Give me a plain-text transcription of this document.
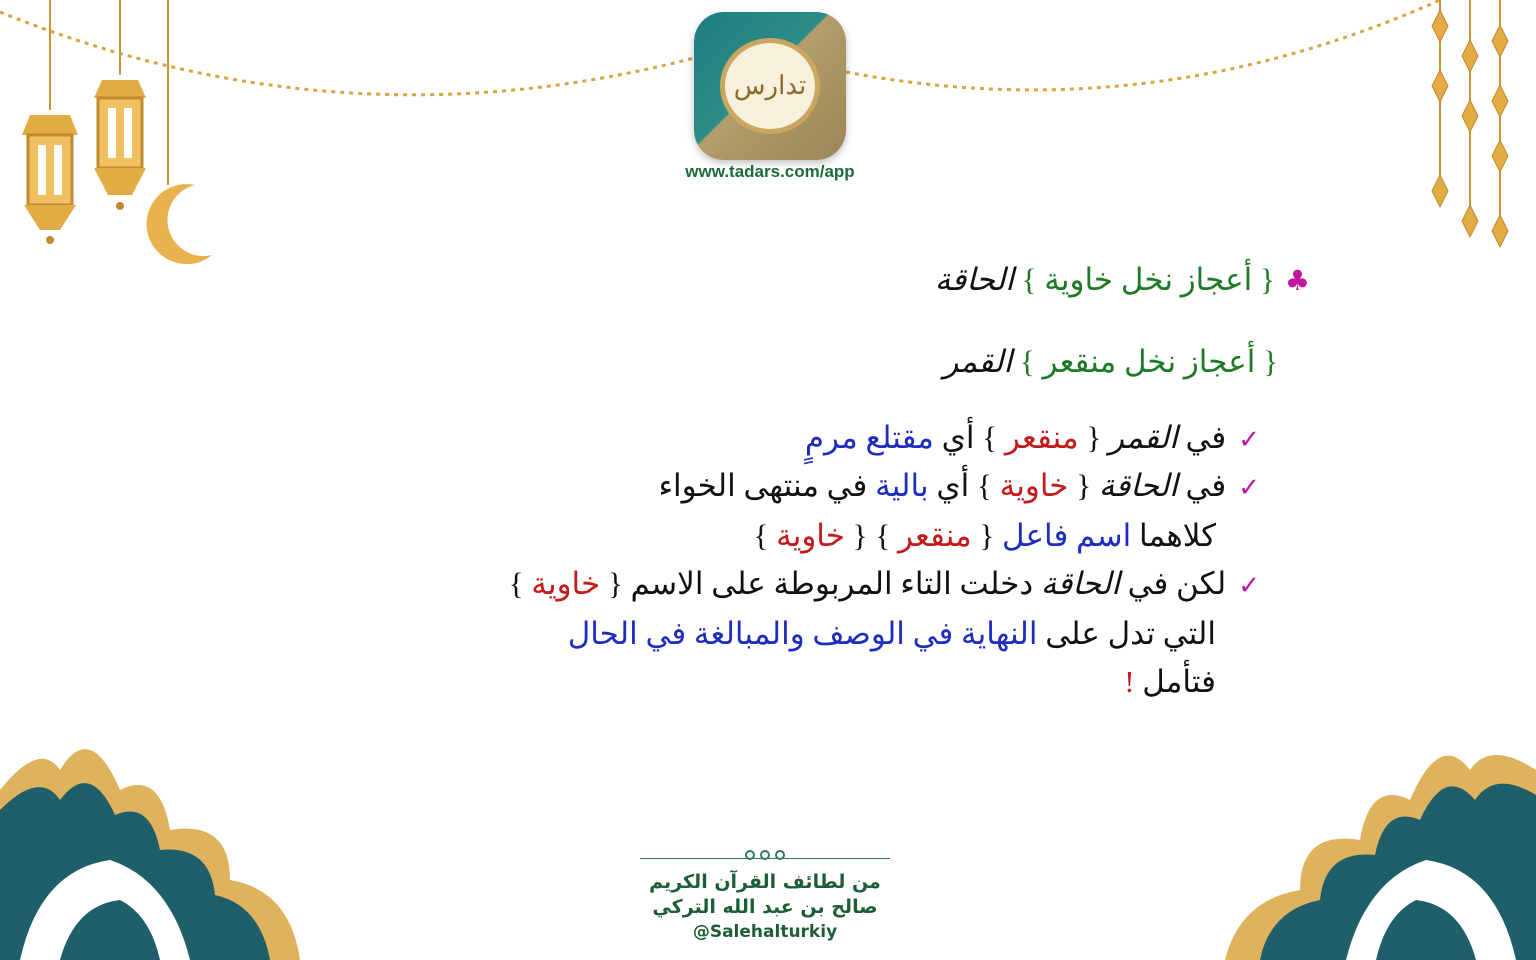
تدارس
www.tadars.com/app
♣{ أعجاز نخل خاوية } الحاقة
{ أعجاز نخل منقعر } القمر
✓في القمر { منقعر } أي مقتلع مرمٍ
✓في الحاقة { خاوية } أي بالية في منتهى الخواء
كلاهما اسم فاعل { منقعر } { خاوية }
✓لكن في الحاقة دخلت التاء المربوطة على الاسم { خاوية }
التي تدل على النهاية في الوصف والمبالغة في الحال
فتأمل !
من لطائف القرآن الكريم
صالح بن عبد الله التركي
@Salehalturkiy
